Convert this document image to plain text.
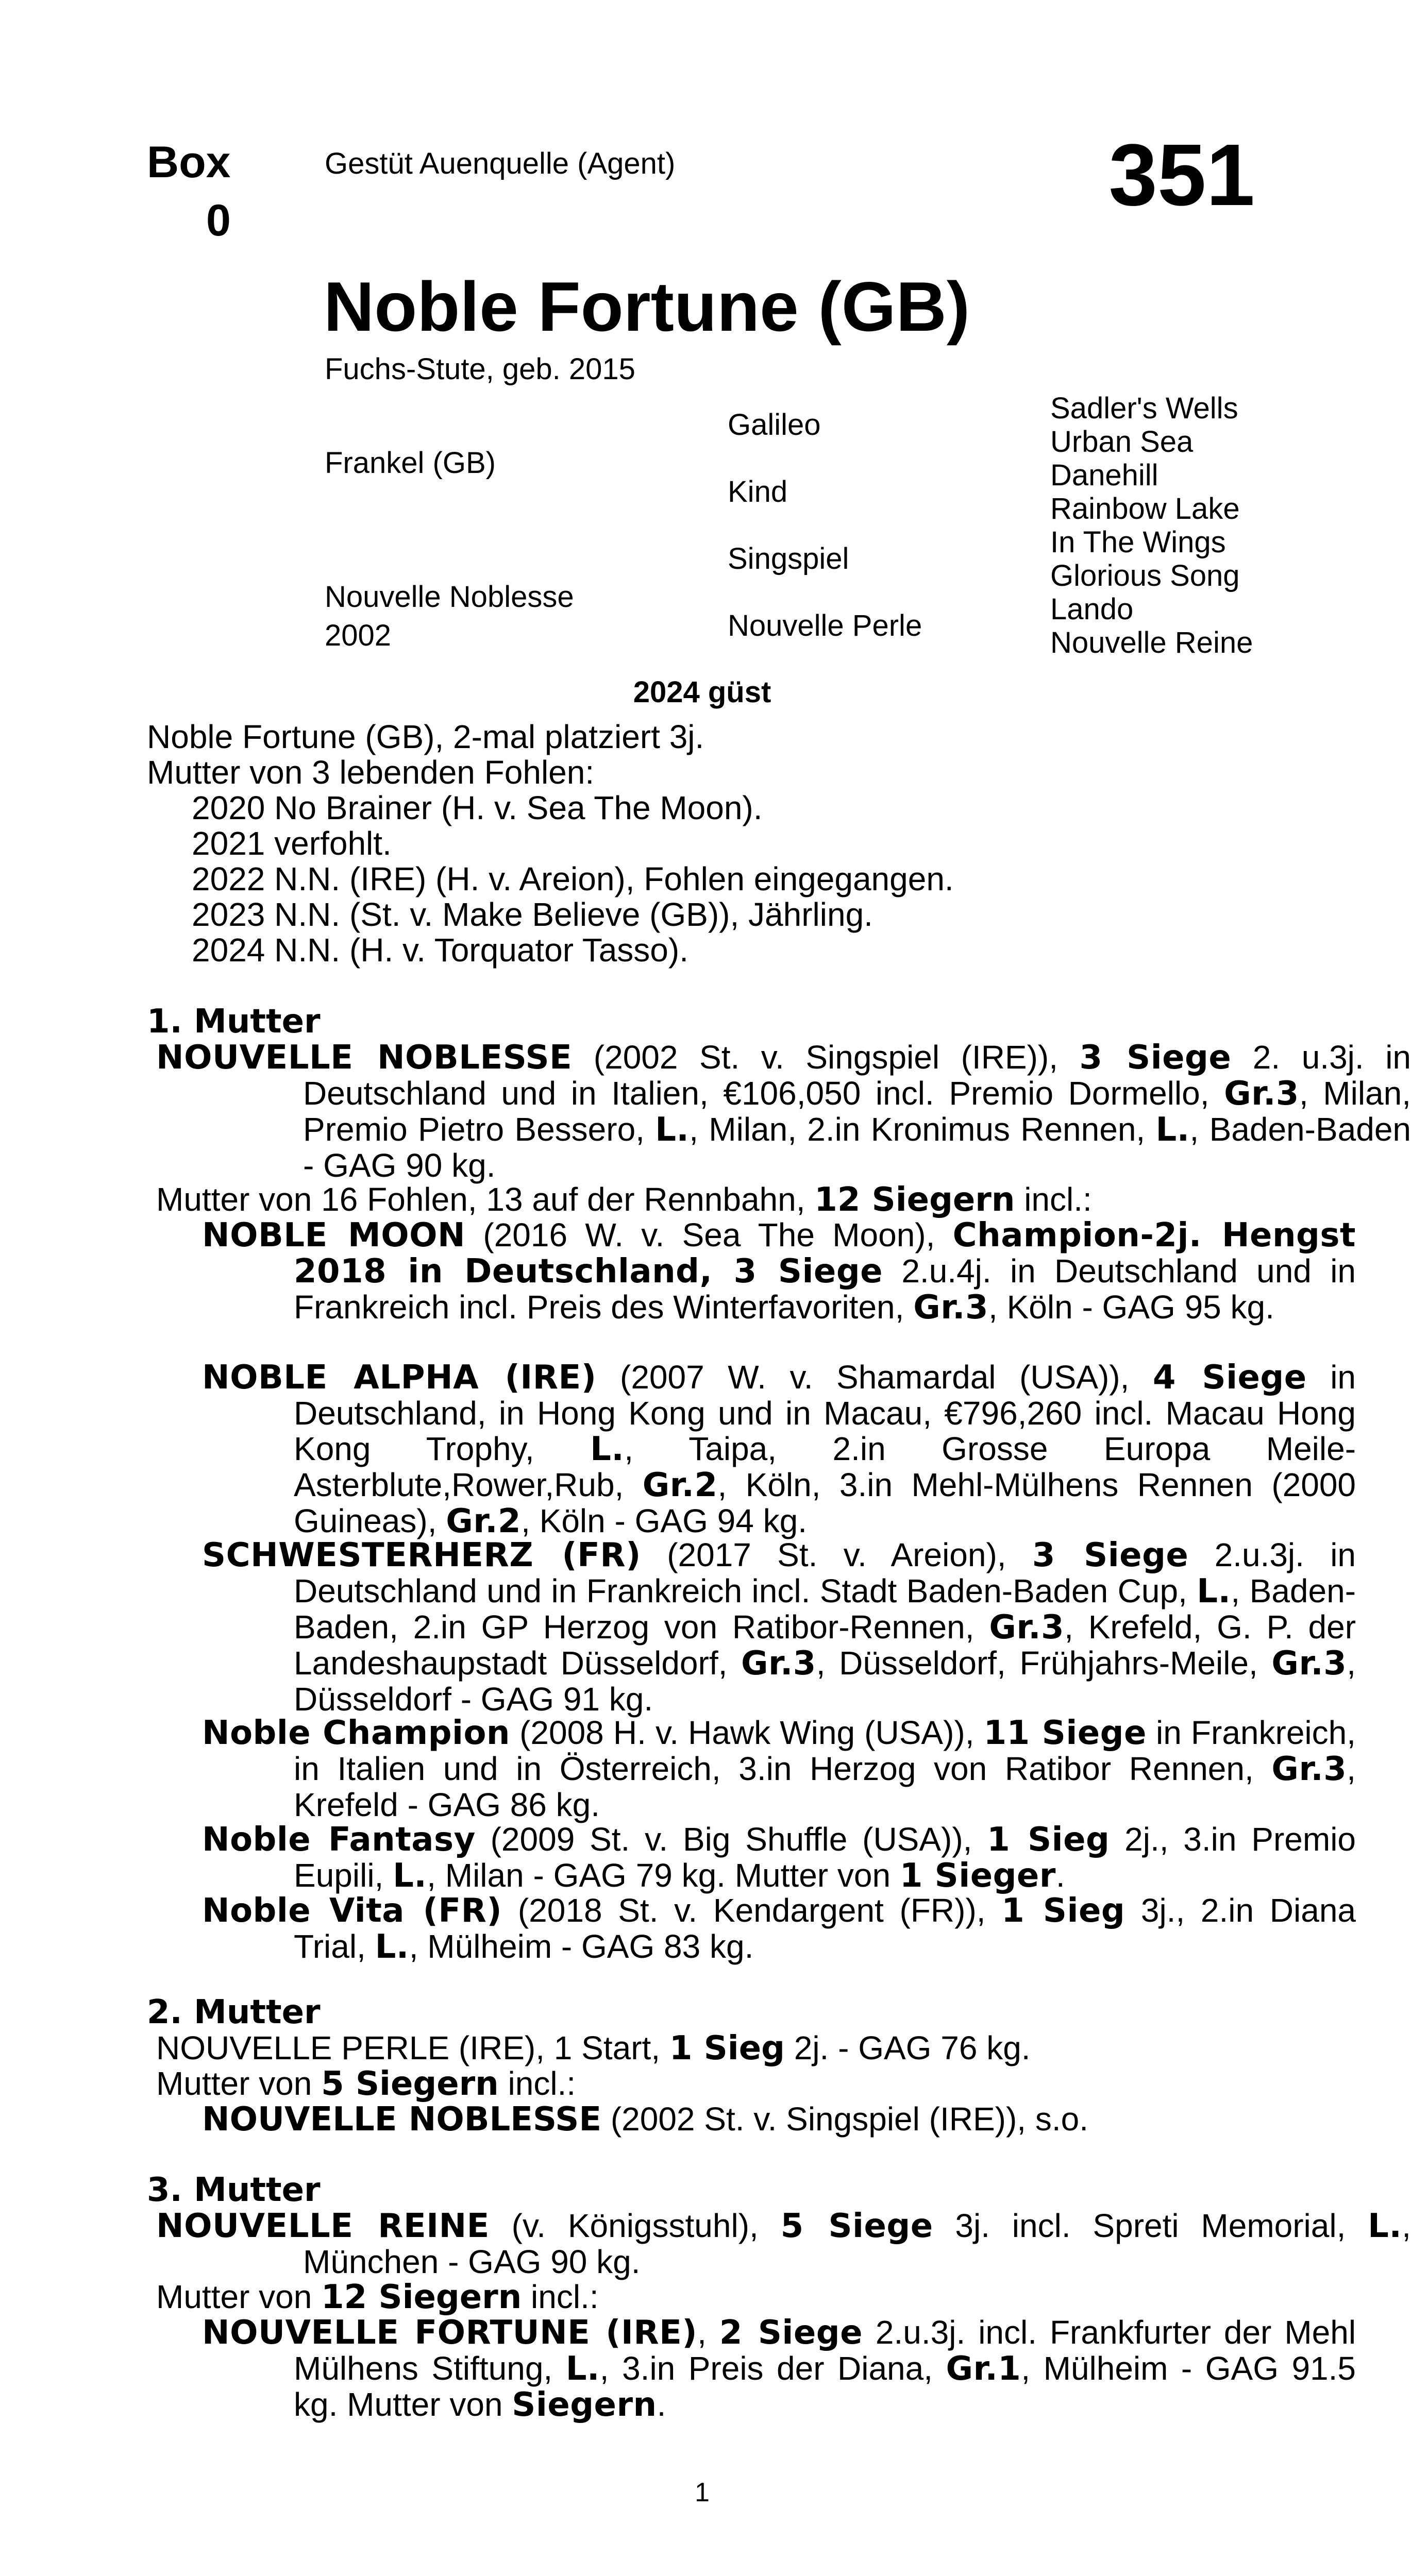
Box
0
Gestüt Auenquelle (Agent)	351
Noble Fortune (GB)
Fuchs-Stute, geb. 2015
Frankel (GB)
Nouvelle Noblesse
2002
Galileo
Kind
Singspiel
Nouvelle Perle
Sadler's Wells
Urban Sea
Danehill
Rainbow Lake
In The Wings
Glorious Song
Lando
Nouvelle Reine
2024 güst
Noble Fortune (GB), 2-mal platziert 3j.
Mutter von 3 lebenden Fohlen:
2020 No Brainer (H. v. Sea The Moon).
2021 verfohlt.
2022 N.N. (IRE) (H. v. Areion), Fohlen eingegangen.
2023 N.N. (St. v. Make Believe (GB)), Jährling.
2024 N.N. (H. v. Torquator Tasso).
1. Mutter
NOUVELLE NOBLESSE (2002 St. v. Singspiel (IRE)), 3 Siege 2. u.3j. in Deutschland und in Italien, €106,050 incl. Premio Dormello, Gr.3, Milan, Premio Pietro Bessero, L., Milan, 2.in Kronimus Rennen, L., Baden-Baden - GAG 90 kg.
Mutter von 16 Fohlen, 13 auf der Rennbahn, 12 Siegern incl.:
NOBLE MOON (2016 W. v. Sea The Moon), Champion-2j. Hengst 2018 in Deutschland, 3 Siege 2.u.4j. in Deutschland und in Frankreich incl. Preis des Winterfavoriten, Gr.3, Köln - GAG 95 kg.
NOBLE ALPHA (IRE) (2007 W. v. Shamardal (USA)), 4 Siege in Deutschland, in Hong Kong und in Macau, €796,260 incl. Macau Hong Kong Trophy, L., Taipa, 2.in Grosse Europa Meile-Asterblute,Rower,Rub, Gr.2, Köln, 3.in Mehl-Mülhens Rennen (2000 Guineas), Gr.2, Köln - GAG 94 kg.
SCHWESTERHERZ (FR) (2017 St. v. Areion), 3 Siege 2.u.3j. in Deutschland und in Frankreich incl. Stadt Baden-Baden Cup, L., Baden-Baden, 2.in GP Herzog von Ratibor-Rennen, Gr.3, Krefeld, G. P. der Landeshaupstadt Düsseldorf, Gr.3, Düsseldorf, Frühjahrs-Meile, Gr.3, Düsseldorf - GAG 91 kg.
Noble Champion (2008 H. v. Hawk Wing (USA)), 11 Siege in Frankreich, in Italien und in Österreich, 3.in Herzog von Ratibor Rennen, Gr.3, Krefeld - GAG 86 kg.
Noble Fantasy (2009 St. v. Big Shuffle (USA)), 1 Sieg 2j., 3.in Premio Eupili, L., Milan - GAG 79 kg. Mutter von 1 Sieger.
Noble Vita (FR) (2018 St. v. Kendargent (FR)), 1 Sieg 3j., 2.in Diana Trial, L., Mülheim - GAG 83 kg.
2. Mutter
NOUVELLE PERLE (IRE), 1 Start, 1 Sieg 2j. - GAG 76 kg.
Mutter von 5 Siegern incl.:
NOUVELLE NOBLESSE (2002 St. v. Singspiel (IRE)), s.o.
3. Mutter
NOUVELLE REINE (v. Königsstuhl), 5 Siege 3j. incl. Spreti Memorial, L., München - GAG 90 kg.
Mutter von 12 Siegern incl.:
NOUVELLE FORTUNE (IRE), 2 Siege 2.u.3j. incl. Frankfurter der Mehl Mülhens Stiftung, L., 3.in Preis der Diana, Gr.1, Mülheim - GAG 91.5 kg. Mutter von Siegern.
1
